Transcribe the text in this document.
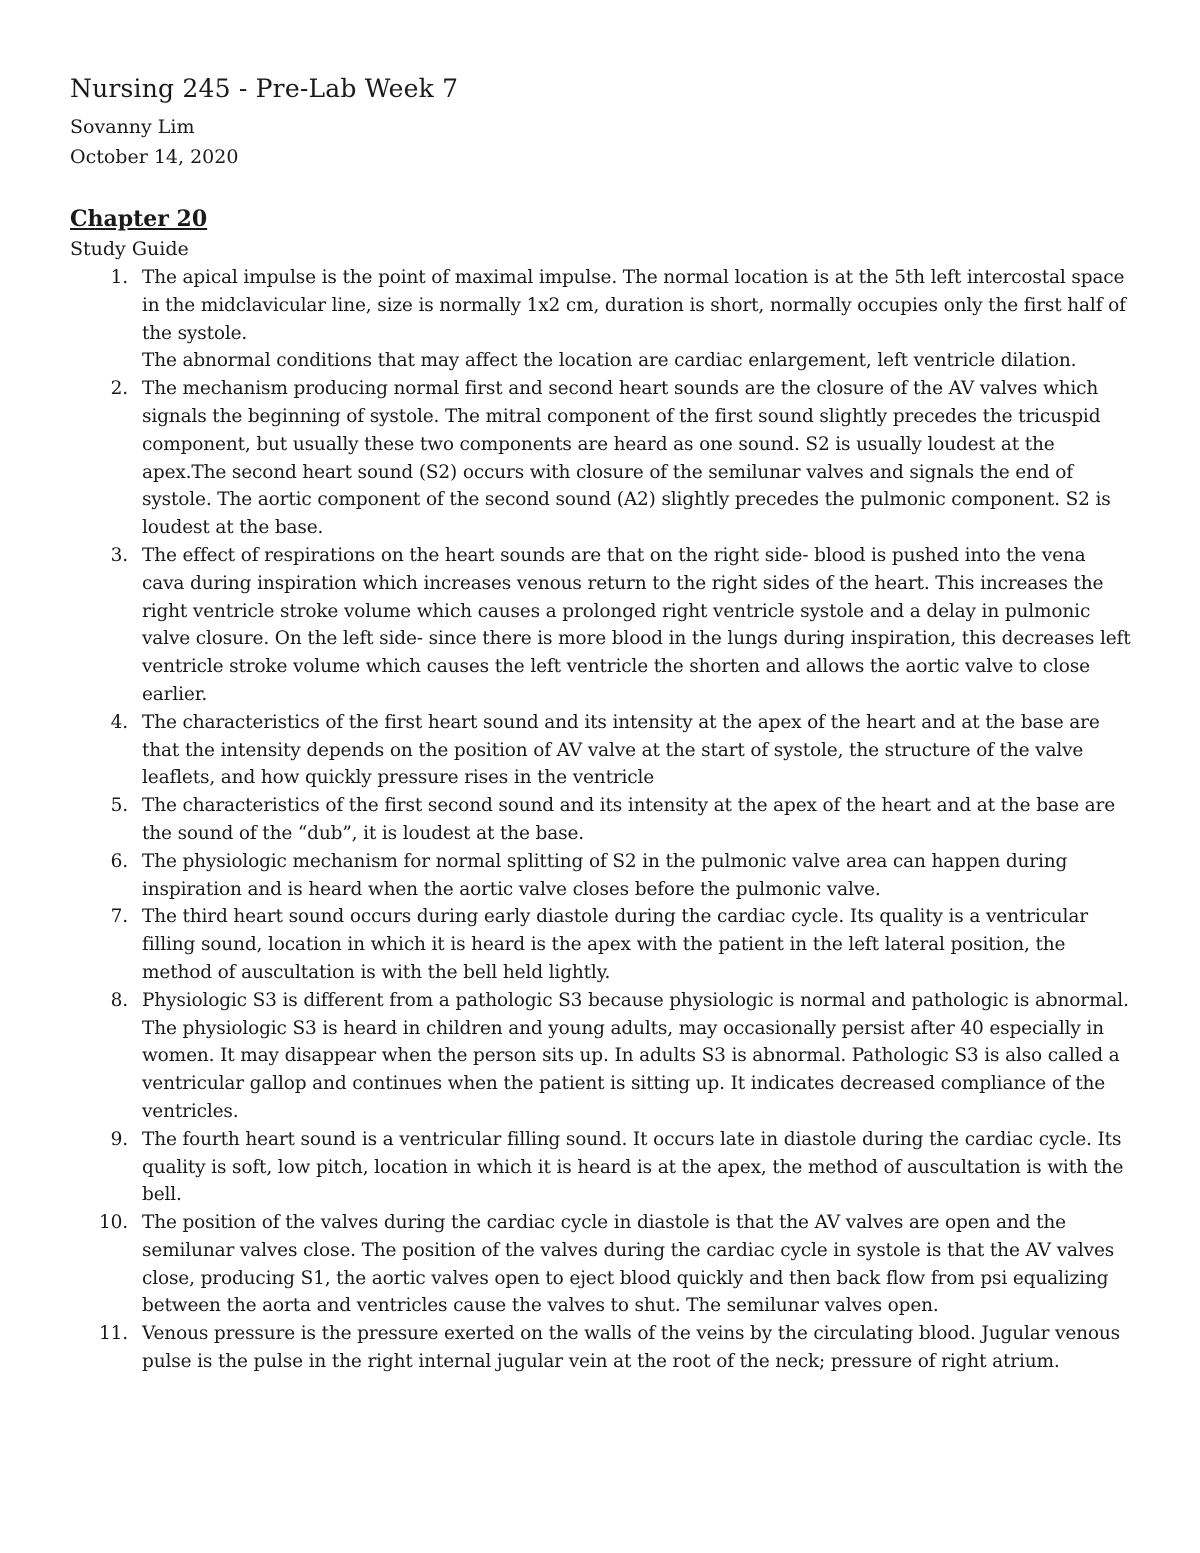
Nursing 245 - Pre-Lab Week 7

Sovanny Lim

October 14, 2020

Chapter 20

Study Guide

1. The apical impulse is the point of maximal impulse. The normal location is at the 5th left intercostal space in the midclavicular line, size is normally 1x2 cm, duration is short, normally occupies only the first half of the systole.

The abnormal conditions that may affect the location are cardiac enlargement, left ventricle dilation.

2. The mechanism producing normal first and second heart sounds are the closure of the AV valves which signals the beginning of systole. The mitral component of the first sound slightly precedes the tricuspid component, but usually these two components are heard as one sound. S2 is usually loudest at the apex.The second heart sound (S2) occurs with closure of the semilunar valves and signals the end of systole. The aortic component of the second sound (A2) slightly precedes the pulmonic component. S2 is loudest at the base.

3. The effect of respirations on the heart sounds are that on the right side- blood is pushed into the vena cava during inspiration which increases venous return to the right sides of the heart. This increases the right ventricle stroke volume which causes a prolonged right ventricle systole and a delay in pulmonic valve closure. On the left side- since there is more blood in the lungs during inspiration, this decreases left ventricle stroke volume which causes the left ventricle the shorten and allows the aortic valve to close earlier.

4. The characteristics of the first heart sound and its intensity at the apex of the heart and at the base are that the intensity depends on the position of AV valve at the start of systole, the structure of the valve leaflets, and how quickly pressure rises in the ventricle

5. The characteristics of the first second sound and its intensity at the apex of the heart and at the base are the sound of the “dub”, it is loudest at the base.

6. The physiologic mechanism for normal splitting of S2 in the pulmonic valve area can happen during inspiration and is heard when the aortic valve closes before the pulmonic valve.

7. The third heart sound occurs during early diastole during the cardiac cycle. Its quality is a ventricular filling sound, location in which it is heard is the apex with the patient in the left lateral position, the method of auscultation is with the bell held lightly.

8. Physiologic S3 is different from a pathologic S3 because physiologic is normal and pathologic is abnormal. The physiologic S3 is heard in children and young adults, may occasionally persist after 40 especially in women. It may disappear when the person sits up. In adults S3 is abnormal. Pathologic S3 is also called a ventricular gallop and continues when the patient is sitting up. It indicates decreased compliance of the ventricles.

9. The fourth heart sound is a ventricular filling sound. It occurs late in diastole during the cardiac cycle. Its quality is soft, low pitch, location in which it is heard is at the apex, the method of auscultation is with the bell.

10. The position of the valves during the cardiac cycle in diastole is that the AV valves are open and the semilunar valves close. The position of the valves during the cardiac cycle in systole is that the AV valves close, producing S1, the aortic valves open to eject blood quickly and then back flow from psi equalizing between the aorta and ventricles cause the valves to shut. The semilunar valves open.

11. Venous pressure is the pressure exerted on the walls of the veins by the circulating blood. Jugular venous pulse is the pulse in the right internal jugular vein at the root of the neck; pressure of right atrium.
